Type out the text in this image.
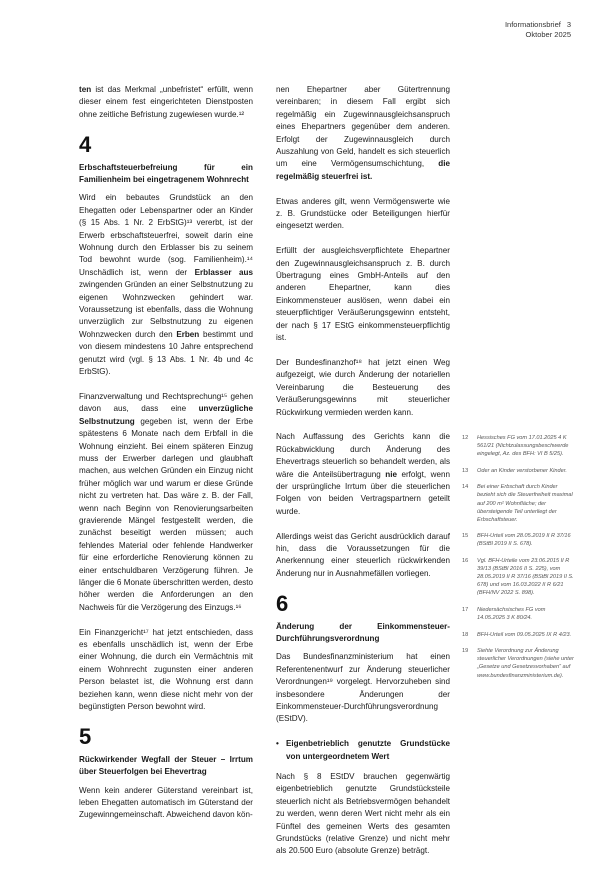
Informationsbrief 3
Oktober 2025

ten ist das Merkmal „unbefristet“ erfüllt, wenn dieser einem fest eingerichteten Dienstposten ohne zeitliche Befristung zugewiesen wurde.¹²

4
Erbschaftsteuerbefreiung für ein Familienheim bei eingetragenem Wohnrecht

Wird ein bebautes Grundstück an den Ehegatten oder Lebenspartner oder an Kinder (§ 15 Abs. 1 Nr. 2 ErbStG)¹³ vererbt, ist der Erwerb erbschaftsteuerfrei, soweit darin eine Wohnung durch den Erblasser bis zu seinem Tod bewohnt wurde (sog. Familienheim).¹⁴ Unschädlich ist, wenn der Erblasser aus zwingenden Gründen an einer Selbstnutzung zu eigenen Wohnzwecken gehindert war. Voraussetzung ist ebenfalls, dass die Wohnung unverzüglich zur Selbstnutzung zu eigenen Wohnzwecken durch den Erben bestimmt und von diesem mindestens 10 Jahre entsprechend genutzt wird (vgl. § 13 Abs. 1 Nr. 4b und 4c ErbStG).

Finanzverwaltung und Rechtsprechung¹⁵ gehen davon aus, dass eine unverzügliche Selbstnutzung gegeben ist, wenn der Erbe spätestens 6 Monate nach dem Erbfall in die Wohnung einzieht. Bei einem späteren Einzug muss der Erwerber darlegen und glaubhaft machen, aus welchen Gründen ein Einzug nicht früher möglich war und warum er diese Gründe nicht zu vertreten hat. Das wäre z. B. der Fall, wenn nach Beginn von Renovierungsarbeiten gravierende Mängel festgestellt werden, die zunächst beseitigt werden müssen; auch fehlendes Material oder fehlende Handwerker für eine erforderliche Renovierung können zu einer entschuldbaren Verzögerung führen. Je länger die 6 Monate überschritten werden, desto höher werden die Anforderungen an den Nachweis für die Verzögerung des Einzugs.¹⁶

Ein Finanzgericht¹⁷ hat jetzt entschieden, dass es ebenfalls unschädlich ist, wenn der Erbe einer Wohnung, die durch ein Vermächtnis mit einem Wohnrecht zugunsten einer anderen Person belastet ist, die Wohnung erst dann beziehen kann, wenn diese nicht mehr von der begünstigten Person bewohnt wird.

5
Rückwirkender Wegfall der Steuer – Irrtum über Steuerfolgen bei Ehevertrag

Wenn kein anderer Güterstand vereinbart ist, leben Ehegatten automatisch im Güterstand der Zugewinngemeinschaft. Abweichend davon kön-

nen Ehepartner aber Gütertrennung vereinbaren; in diesem Fall ergibt sich regelmäßig ein Zugewinnausgleichsanspruch eines Ehepartners gegenüber dem anderen. Erfolgt der Zugewinnausgleich durch Auszahlung von Geld, handelt es sich steuerlich um eine Vermögensumschichtung, die regelmäßig steuerfrei ist.

Etwas anderes gilt, wenn Vermögenswerte wie z. B. Grundstücke oder Beteiligungen hierfür eingesetzt werden.

Erfüllt der ausgleichsverpflichtete Ehepartner den Zugewinnausgleichsanspruch z. B. durch Übertragung eines GmbH-Anteils auf den anderen Ehepartner, kann dies Einkommensteuer auslösen, wenn dabei ein steuerpflichtiger Veräußerungsgewinn entsteht, der nach § 17 EStG einkommensteuerpflichtig ist.

Der Bundesfinanzhof¹⁸ hat jetzt einen Weg aufgezeigt, wie durch Änderung der notariellen Vereinbarung die Besteuerung des Veräußerungsgewinns mit steuerlicher Rückwirkung vermieden werden kann.

Nach Auffassung des Gerichts kann die Rückabwicklung durch Änderung des Ehevertrags steuerlich so behandelt werden, als wäre die Anteilsübertragung nie erfolgt, wenn der ursprüngliche Irrtum über die steuerlichen Folgen von beiden Vertragspartnern geteilt wurde.

Allerdings weist das Gericht ausdrücklich darauf hin, dass die Voraussetzungen für die Anerkennung einer steuerlich rückwirkenden Änderung nur in Ausnahmefällen vorliegen.

6
Änderung der Einkommensteuer-Durchführungsverordnung

Das Bundesfinanzministerium hat einen Referentenentwurf zur Änderung steuerlicher Verordnungen¹⁹ vorgelegt. Hervorzuheben sind insbesondere Änderungen der Einkommensteuer-Durchführungsverordnung (EStDV).

• Eigenbetrieblich genutzte Grundstücke von untergeordnetem Wert

Nach § 8 EStDV brauchen gegenwärtig eigenbetrieblich genutzte Grundstücksteile steuerlich nicht als Betriebsvermögen behandelt zu werden, wenn deren Wert nicht mehr als ein Fünftel des gemeinen Werts des gesamten Grundstücks (relative Grenze) und nicht mehr als 20.500 Euro (absolute Grenze) beträgt.

12	Hessisches FG vom 17.01.2025 4 K 561/21 (Nichtzulassungsbeschwerde eingelegt, Az. des BFH: VI B 5/25).
13	Oder an Kinder verstorbener Kinder.
14	Bei einer Erbschaft durch Kinder bezieht sich die Steuerfreiheit maximal auf 200 m² Wohnfläche; der übersteigende Teil unterliegt der Erbschaftsteuer.
15	BFH-Urteil vom 28.05.2019 II R 37/16 (BStBl 2019 II S. 678).
16	Vgl. BFH-Urteile vom 23.06.2015 II R 39/13 (BStBl 2016 II S. 225), vom 28.05.2019 II R 37/16 (BStBl 2019 II S. 678) und vom 16.03.2022 II R 6/21 (BFH/NV 2022 S. 898).
17	Niedersächsisches FG vom 14.05.2025 3 K 80/24.
18	BFH-Urteil vom 09.05.2025 IX R 4/23.
19	Siehte Verordnung zur Änderung steuerlicher Verordnungen (siehe unter „Gesetze und Gesetzesvorhaben“ auf www.bundesfinanzministerium.de).
